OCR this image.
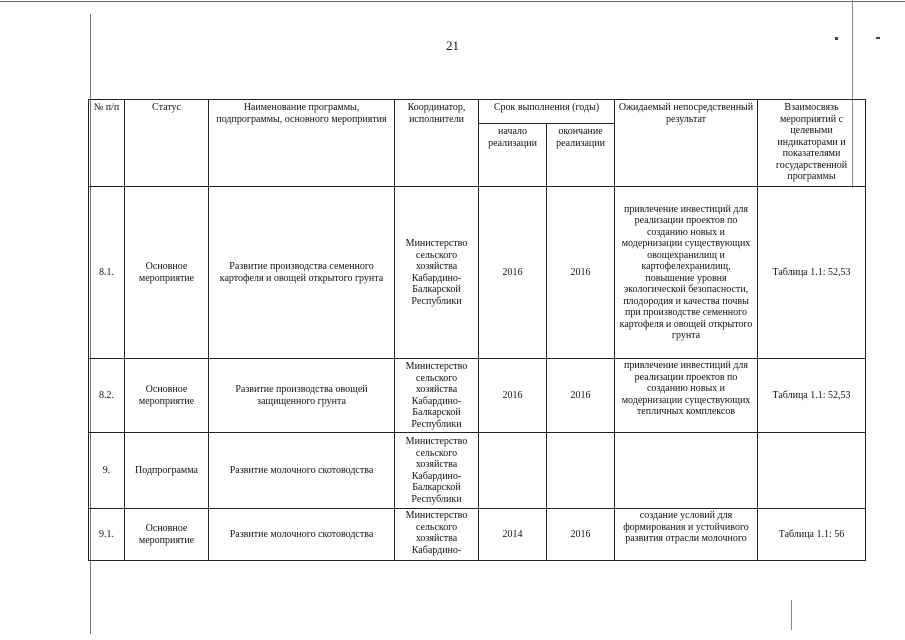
21
№ п/п	Статус	Наименование программы, подпрограммы, основного мероприятия	Координатор, исполнители	Срок выполнения (годы)		Ожидаемый непосредственный результат	Взаимосвязь мероприятий с целевыми индикаторами и показателями государственной программы
				начало реализации	окончание реализации		
8.1.	Основное мероприятие	Развитие производства семенного картофеля и овощей открытого грунта	Министерство сельского хозяйства Кабардино-Балкарской Республики	2016	2016	привлечение инвестиций для реализации проектов по созданию новых и модернизации существующих овощехранилищ и картофелехранилищ, повышение уровня экологической безопасности, плодородия и качества почвы при производстве семенного картофеля и овощей открытого грунта	Таблица 1.1: 52,53
8.2.	Основное мероприятие	Развитие производства овощей защищенного грунта	Министерство сельского хозяйства Кабардино-Балкарской Республики	2016	2016	привлечение инвестиций для реализации проектов по созданию новых и модернизации существующих тепличных комплексов	Таблица 1.1: 52,53
9.	Подпрограмма	Развитие молочного скотоводства	Министерство сельского хозяйства Кабардино-Балкарской Республики				
9.1.	Основное мероприятие	Развитие молочного скотоводства	Министерство сельского хозяйства Кабардино-	2014	2016	создание условий для формирования и устойчивого развития отрасли молочного	Таблица 1.1: 56
